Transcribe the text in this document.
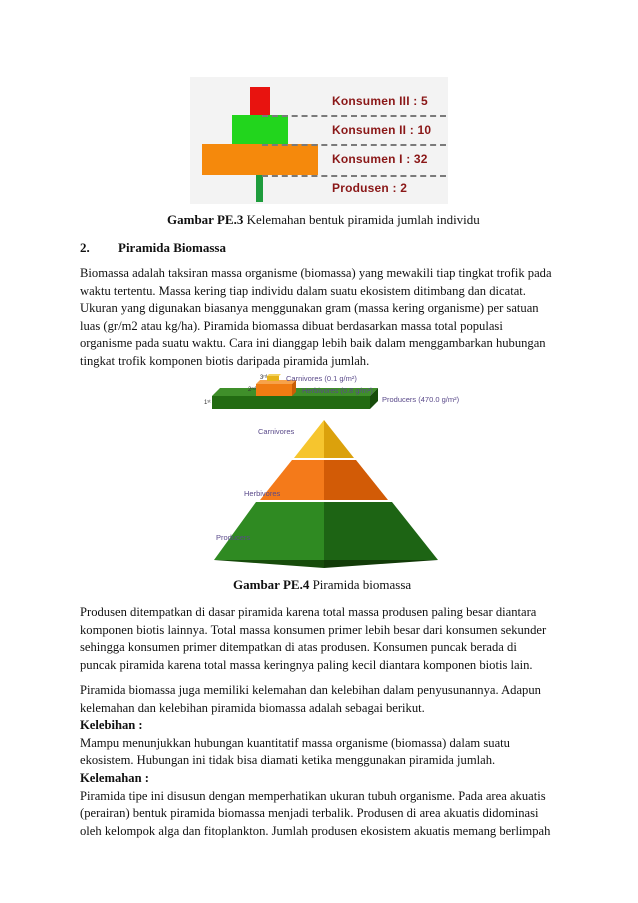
Konsumen III : 5
Konsumen II : 10
Konsumen I : 32
Produsen : 2
Gambar PE.3 Kelemahan bentuk piramida jumlah individu
2. Piramida Biomassa
Biomassa adalah taksiran massa organisme (biomassa) yang mewakili tiap tingkat trofik pada
waktu tertentu. Massa kering tiap individu dalam suatu ekosistem ditimbang dan dicatat.
Ukuran yang digunakan biasanya menggunakan gram (massa kering organisme) per satuan
luas (gr/m2 atau kg/ha). Piramida biomassa dibuat berdasarkan massa total populasi
organisme pada suatu waktu. Cara ini dianggap lebih baik dalam menggambarkan hubungan
tingkat trofik komponen biotis daripada piramida jumlah.
3ʳᵈ
2ⁿᵈ
1ˢᵗ
Carnivores (0.1 g/m²)
Herbivores (0.8 g/m²)
Producers (470.0 g/m²)
Carnivores
Herbivores
Producers
Gambar PE.4 Piramida biomassa
Produsen ditempatkan di dasar piramida karena total massa produsen paling besar diantara
komponen biotis lainnya. Total massa konsumen primer lebih besar dari konsumen sekunder
sehingga konsumen primer ditempatkan di atas produsen. Konsumen puncak berada di
puncak piramida karena total massa keringnya paling kecil diantara komponen biotis lain.
Piramida biomassa juga memiliki kelemahan dan kelebihan dalam penyusunannya. Adapun
kelemahan dan kelebihan piramida biomassa adalah sebagai berikut.
Kelebihan :
Mampu menunjukkan hubungan kuantitatif massa organisme (biomassa) dalam suatu
ekosistem. Hubungan ini tidak bisa diamati ketika menggunakan piramida jumlah.
Kelemahan :
Piramida tipe ini disusun dengan memperhatikan ukuran tubuh organisme. Pada area akuatis
(perairan) bentuk piramida biomassa menjadi terbalik. Produsen di area akuatis didominasi
oleh kelompok alga dan fitoplankton. Jumlah produsen ekosistem akuatis memang berlimpah
